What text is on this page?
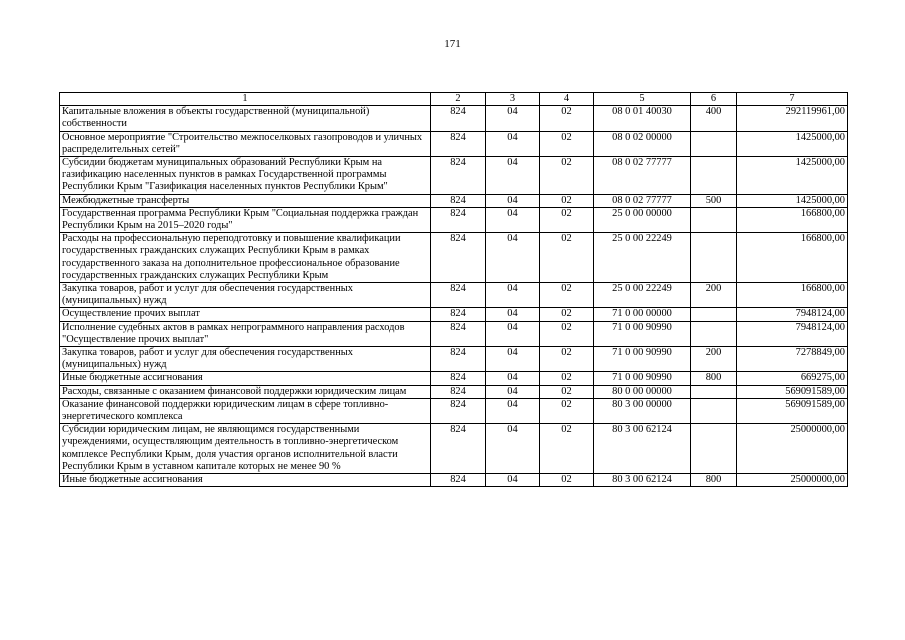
171
1	2	3	4	5	6	7
Капитальные вложения в объекты государственной (муниципальной) собственности	824	04	02	08 0 01 40030	400	292119961,00
Основное мероприятие "Строительство межпоселковых газопроводов и уличных распределительных сетей"	824	04	02	08 0 02 00000		1425000,00
Субсидии бюджетам муниципальных образований Республики Крым на газификацию населенных пунктов в рамках Государственной программы Республики Крым "Газификация населенных пунктов Республики Крым"	824	04	02	08 0 02 77777		1425000,00
Межбюджетные трансферты	824	04	02	08 0 02 77777	500	1425000,00
Государственная программа Республики Крым "Социальная поддержка граждан Республики Крым на 2015–2020 годы"	824	04	02	25 0 00 00000		166800,00
Расходы на профессиональную переподготовку и повышение квалификации государственных гражданских служащих Республики Крым в рамках государственного заказа на дополнительное профессиональное образование государственных гражданских служащих Республики Крым	824	04	02	25 0 00 22249		166800,00
Закупка товаров, работ и услуг для обеспечения государственных (муниципальных) нужд	824	04	02	25 0 00 22249	200	166800,00
Осуществление прочих выплат	824	04	02	71 0 00 00000		7948124,00
Исполнение судебных актов в рамках непрограммного направления расходов "Осуществление прочих выплат"	824	04	02	71 0 00 90990		7948124,00
Закупка товаров, работ и услуг для обеспечения государственных (муниципальных) нужд	824	04	02	71 0 00 90990	200	7278849,00
Иные бюджетные ассигнования	824	04	02	71 0 00 90990	800	669275,00
Расходы, связанные с оказанием финансовой поддержки юридическим лицам	824	04	02	80 0 00 00000		569091589,00
Оказание финансовой поддержки юридическим лицам в сфере топливно-энергетического комплекса	824	04	02	80 3 00 00000		569091589,00
Субсидии юридическим лицам, не являющимся государственными учреждениями, осуществляющим деятельность в топливно-энергетическом комплексе Республики Крым, доля участия органов исполнительной власти Республики Крым в уставном капитале которых не менее 90 %	824	04	02	80 3 00 62124		25000000,00
Иные бюджетные ассигнования	824	04	02	80 3 00 62124	800	25000000,00
